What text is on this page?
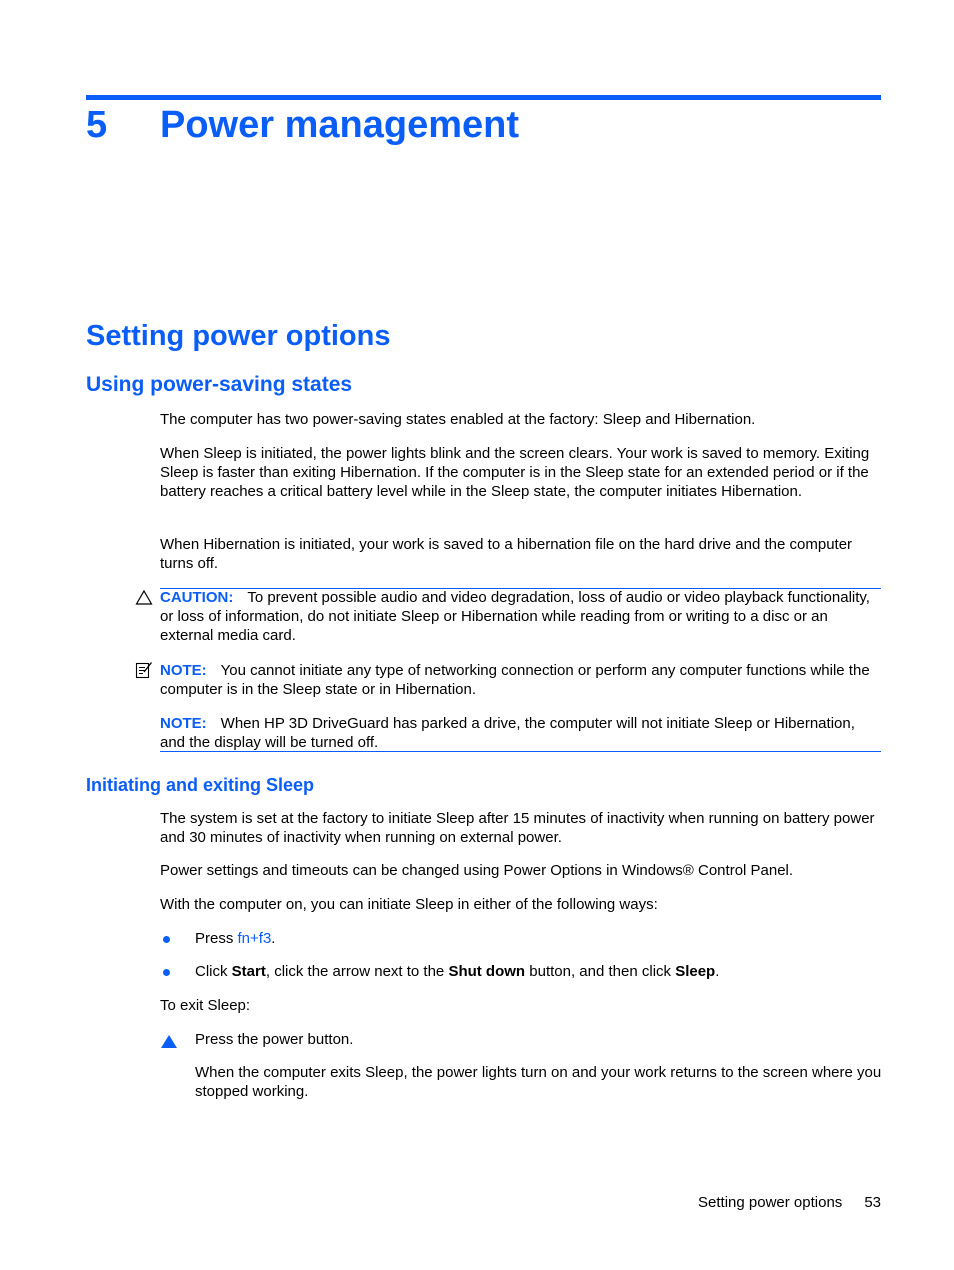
5 Power management
Setting power options
Using power-saving states
The computer has two power-saving states enabled at the factory: Sleep and Hibernation.
When Sleep is initiated, the power lights blink and the screen clears. Your work is saved to memory. Exiting Sleep is faster than exiting Hibernation. If the computer is in the Sleep state for an extended period or if the battery reaches a critical battery level while in the Sleep state, the computer initiates Hibernation.
When Hibernation is initiated, your work is saved to a hibernation file on the hard drive and the computer turns off.
CAUTION: To prevent possible audio and video degradation, loss of audio or video playback functionality, or loss of information, do not initiate Sleep or Hibernation while reading from or writing to a disc or an external media card.
NOTE: You cannot initiate any type of networking connection or perform any computer functions while the computer is in the Sleep state or in Hibernation.
NOTE: When HP 3D DriveGuard has parked a drive, the computer will not initiate Sleep or Hibernation, and the display will be turned off.
Initiating and exiting Sleep
The system is set at the factory to initiate Sleep after 15 minutes of inactivity when running on battery power and 30 minutes of inactivity when running on external power.
Power settings and timeouts can be changed using Power Options in Windows® Control Panel.
With the computer on, you can initiate Sleep in either of the following ways:
Press fn+f3.
Click Start, click the arrow next to the Shut down button, and then click Sleep.
To exit Sleep:
Press the power button.
When the computer exits Sleep, the power lights turn on and your work returns to the screen where you stopped working.
Setting power options 53
